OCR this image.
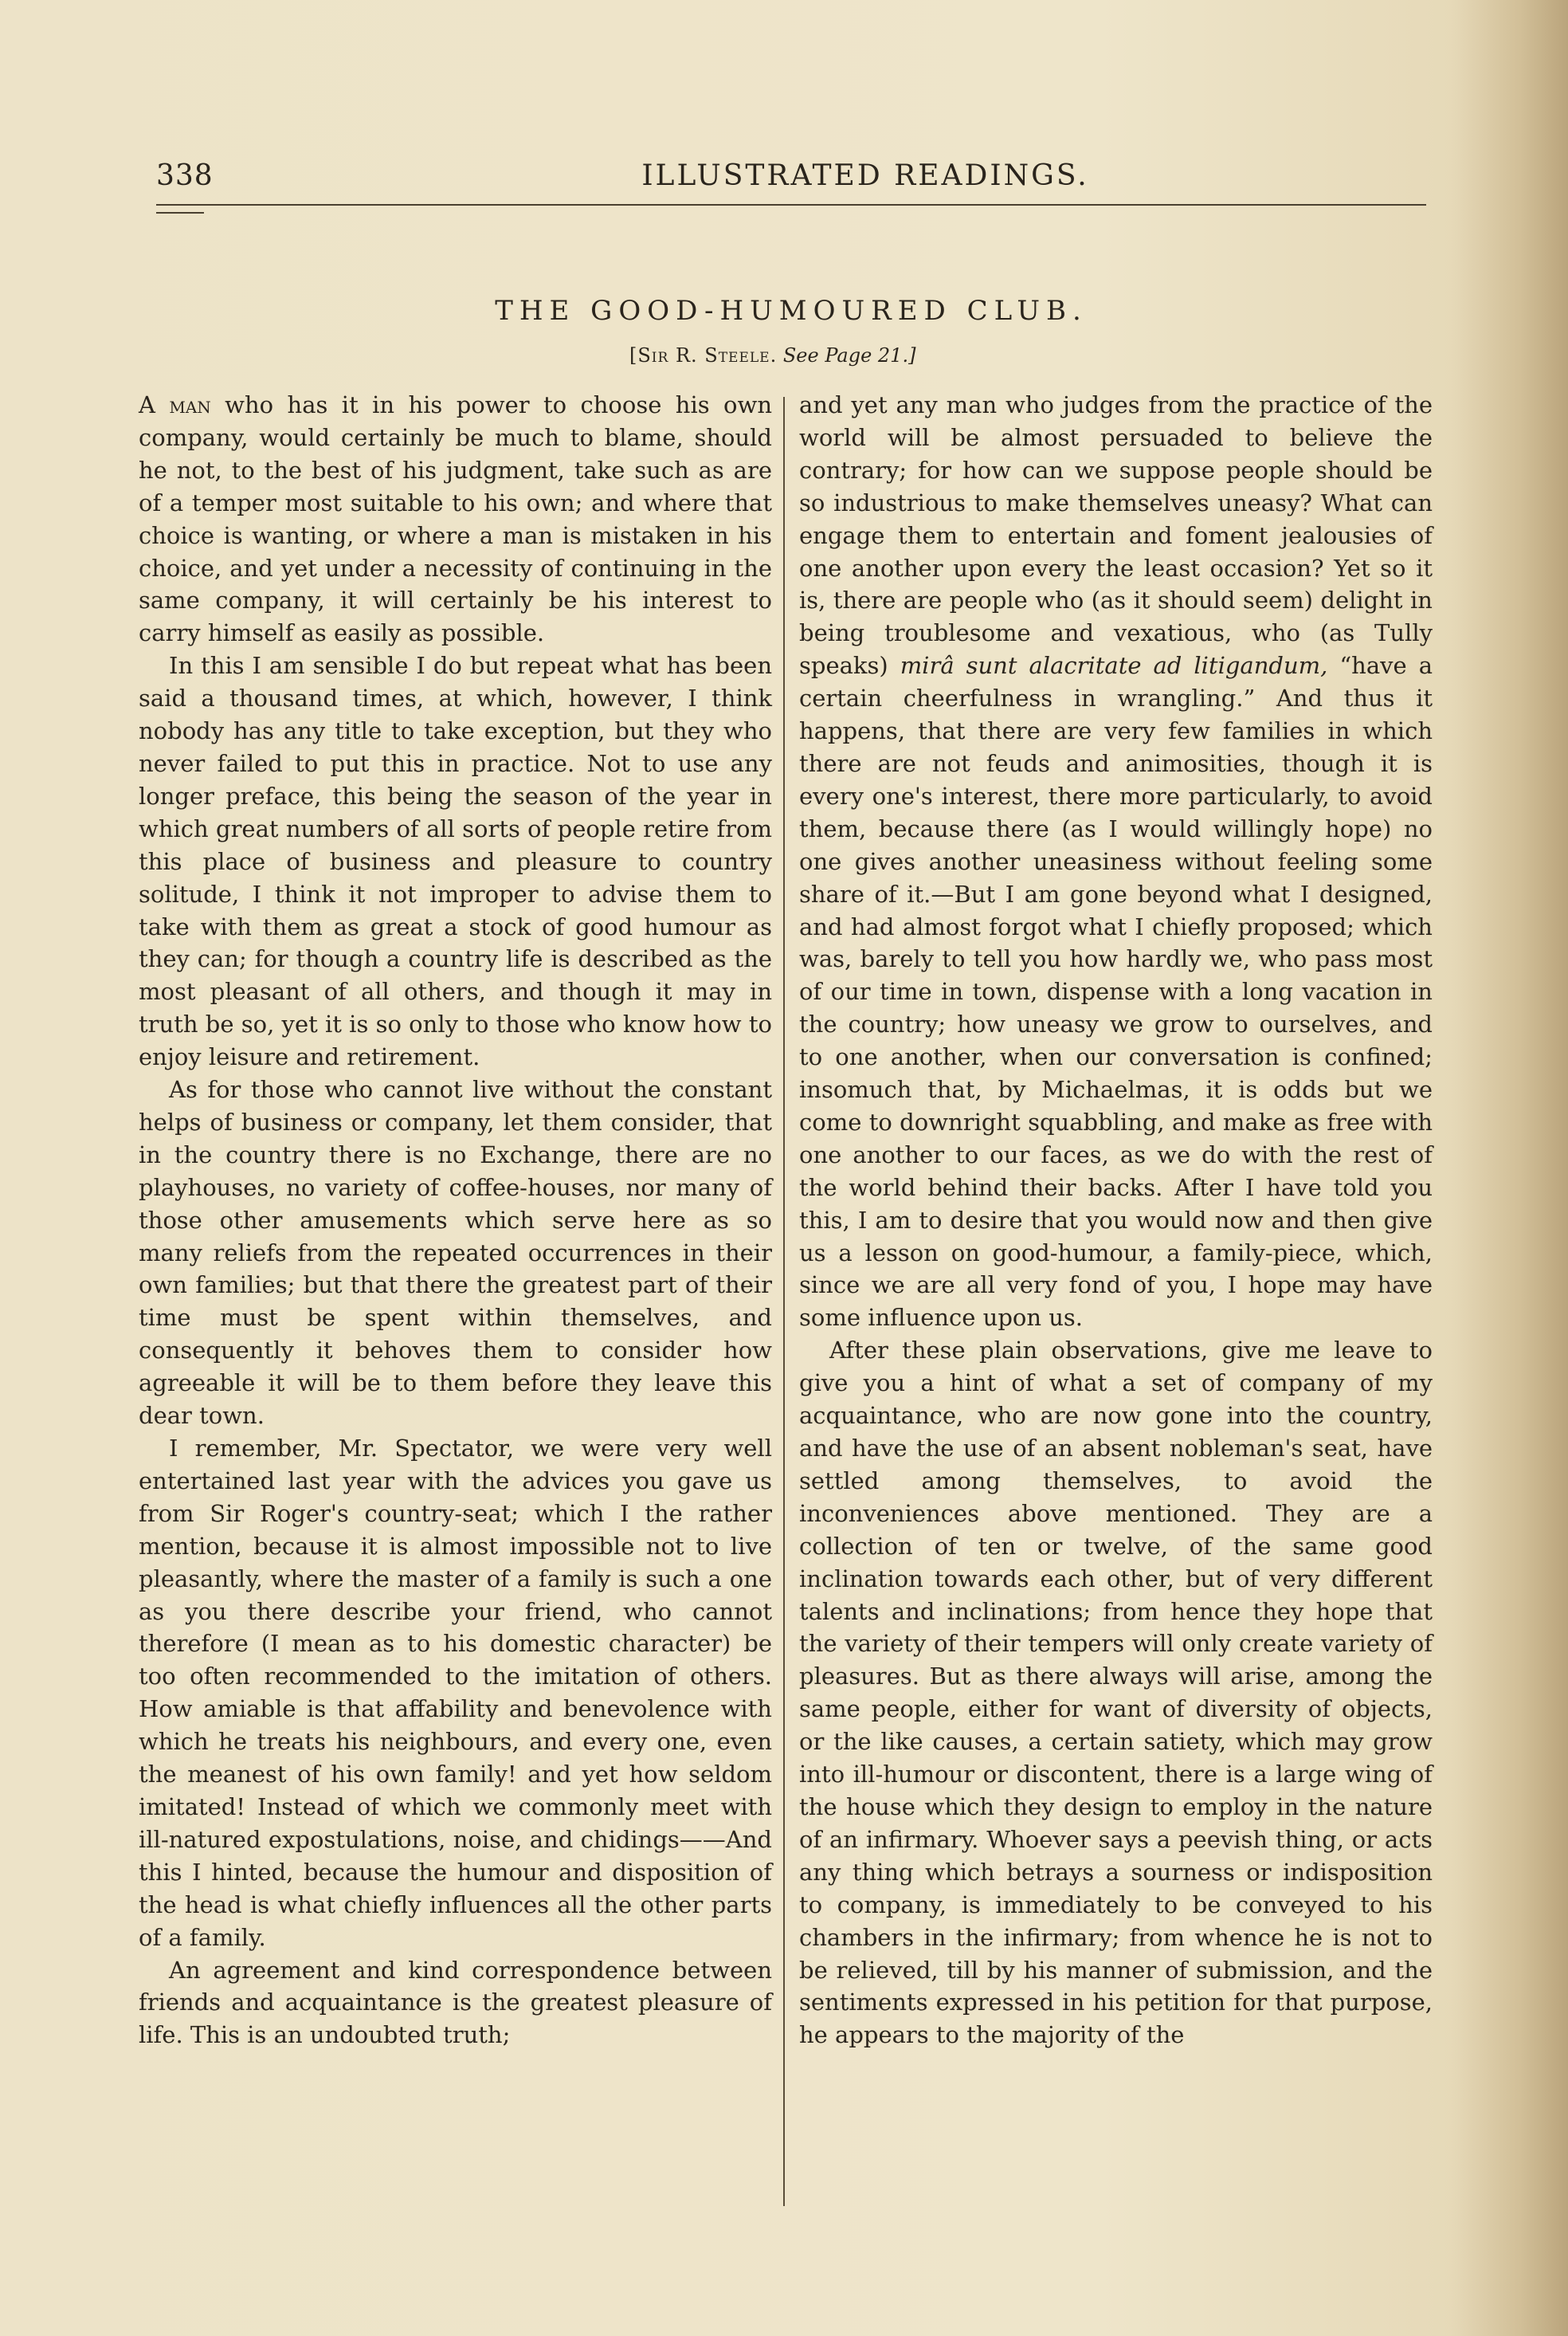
338	ILLUSTRATED READINGS.
THE GOOD-HUMOURED CLUB.
[Sir R. Steele. See Page 21.]

A man who has it in his power to choose his own company, would certainly be much to blame, should he not, to the best of his judgment, take such as are of a temper most suitable to his own; and where that choice is wanting, or where a man is mistaken in his choice, and yet under a necessity of continuing in the same company, it will certainly be his interest to carry himself as easily as possible.

In this I am sensible I do but repeat what has been said a thousand times, at which, however, I think nobody has any title to take exception, but they who never failed to put this in practice. Not to use any longer preface, this being the season of the year in which great numbers of all sorts of people retire from this place of business and pleasure to country solitude, I think it not improper to advise them to take with them as great a stock of good humour as they can; for though a country life is described as the most pleasant of all others, and though it may in truth be so, yet it is so only to those who know how to enjoy leisure and retirement.

As for those who cannot live without the constant helps of business or company, let them consider, that in the country there is no Exchange, there are no playhouses, no variety of coffee-houses, nor many of those other amusements which serve here as so many reliefs from the repeated occurrences in their own families; but that there the greatest part of their time must be spent within themselves, and consequently it behoves them to consider how agreeable it will be to them before they leave this dear town.

I remember, Mr. Spectator, we were very well entertained last year with the advices you gave us from Sir Roger's country-seat; which I the rather mention, because it is almost impossible not to live pleasantly, where the master of a family is such a one as you there describe your friend, who cannot therefore (I mean as to his domestic character) be too often recommended to the imitation of others. How amiable is that affability and benevolence with which he treats his neighbours, and every one, even the meanest of his own family! and yet how seldom imitated! Instead of which we commonly meet with ill-natured expostulations, noise, and chidings——And this I hinted, because the humour and disposition of the head is what chiefly influences all the other parts of a family.

An agreement and kind correspondence between friends and acquaintance is the greatest pleasure of life. This is an undoubted truth;

and yet any man who judges from the practice of the world will be almost persuaded to believe the contrary; for how can we suppose people should be so industrious to make themselves uneasy? What can engage them to entertain and foment jealousies of one another upon every the least occasion? Yet so it is, there are people who (as it should seem) delight in being troublesome and vexatious, who (as Tully speaks) mirâ sunt alacritate ad litigandum, “have a certain cheerfulness in wrangling.” And thus it happens, that there are very few families in which there are not feuds and animosities, though it is every one's interest, there more particularly, to avoid them, because there (as I would willingly hope) no one gives another uneasiness without feeling some share of it.—But I am gone beyond what I designed, and had almost forgot what I chiefly proposed; which was, barely to tell you how hardly we, who pass most of our time in town, dispense with a long vacation in the country; how uneasy we grow to ourselves, and to one another, when our conversation is confined; insomuch that, by Michaelmas, it is odds but we come to downright squabbling, and make as free with one another to our faces, as we do with the rest of the world behind their backs. After I have told you this, I am to desire that you would now and then give us a lesson on good-humour, a family-piece, which, since we are all very fond of you, I hope may have some influence upon us.

After these plain observations, give me leave to give you a hint of what a set of company of my acquaintance, who are now gone into the country, and have the use of an absent nobleman's seat, have settled among themselves, to avoid the inconveniences above mentioned. They are a collection of ten or twelve, of the same good inclination towards each other, but of very different talents and inclinations; from hence they hope that the variety of their tempers will only create variety of pleasures. But as there always will arise, among the same people, either for want of diversity of objects, or the like causes, a certain satiety, which may grow into ill-humour or discontent, there is a large wing of the house which they design to employ in the nature of an infirmary. Whoever says a peevish thing, or acts any thing which betrays a sourness or indisposition to company, is immediately to be conveyed to his chambers in the infirmary; from whence he is not to be relieved, till by his manner of submission, and the sentiments expressed in his petition for that purpose, he appears to the majority of the
